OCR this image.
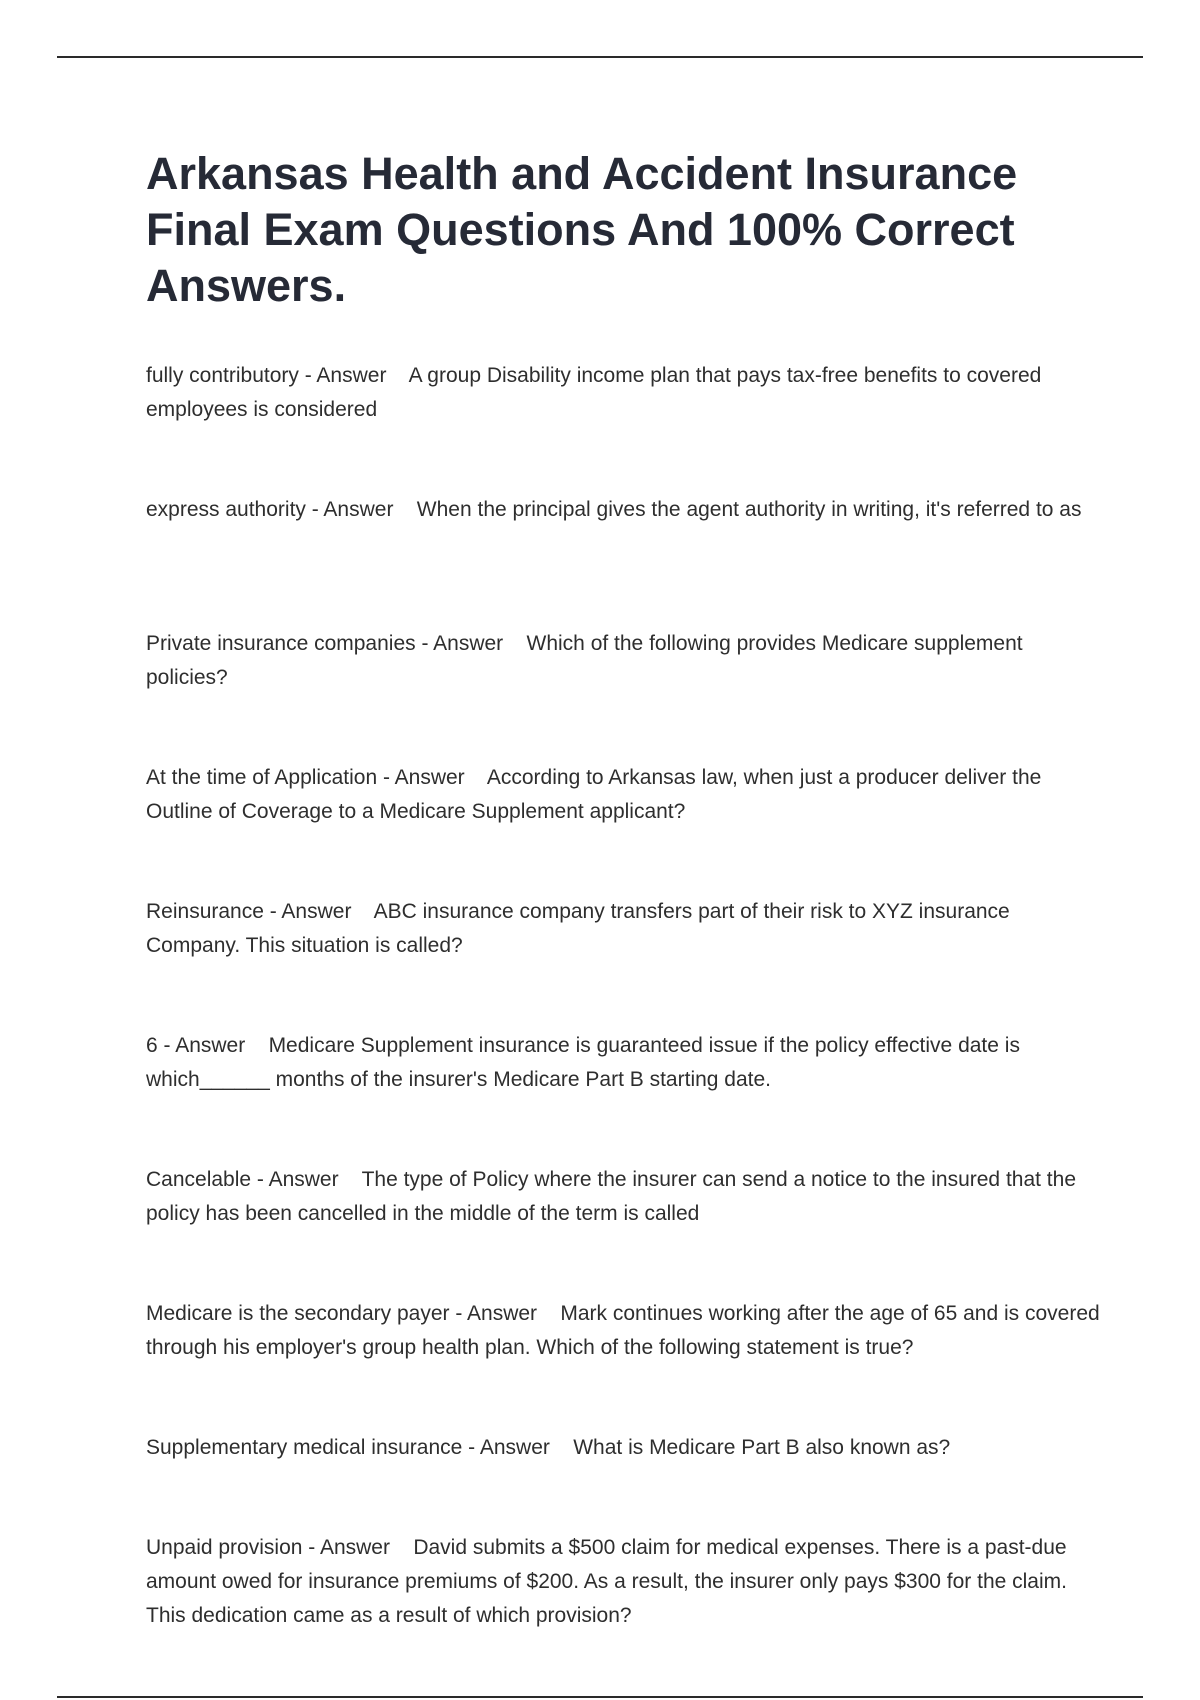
Arkansas Health and Accident Insurance Final Exam Questions And 100% Correct Answers.
fully contributory - Answer    A group Disability income plan that pays tax-free benefits to covered employees is considered
express authority - Answer    When the principal gives the agent authority in writing, it's referred to as
Private insurance companies - Answer    Which of the following provides Medicare supplement policies?
At the time of Application - Answer    According to Arkansas law, when just a producer deliver the Outline of Coverage to a Medicare Supplement applicant?
Reinsurance - Answer    ABC insurance company transfers part of their risk to XYZ insurance Company. This situation is called?
6 - Answer    Medicare Supplement insurance is guaranteed issue if the policy effective date is which______ months of the insurer's Medicare Part B starting date.
Cancelable - Answer    The type of Policy where the insurer can send a notice to the insured that the policy has been cancelled in the middle of the term is called
Medicare is the secondary payer - Answer    Mark continues working after the age of 65 and is covered through his employer's group health plan. Which of the following statement is true?
Supplementary medical insurance - Answer    What is Medicare Part B also known as?
Unpaid provision - Answer    David submits a $500 claim for medical expenses. There is a past-due amount owed for insurance premiums of $200. As a result, the insurer only pays $300 for the claim. This dedication came as a result of which provision?
